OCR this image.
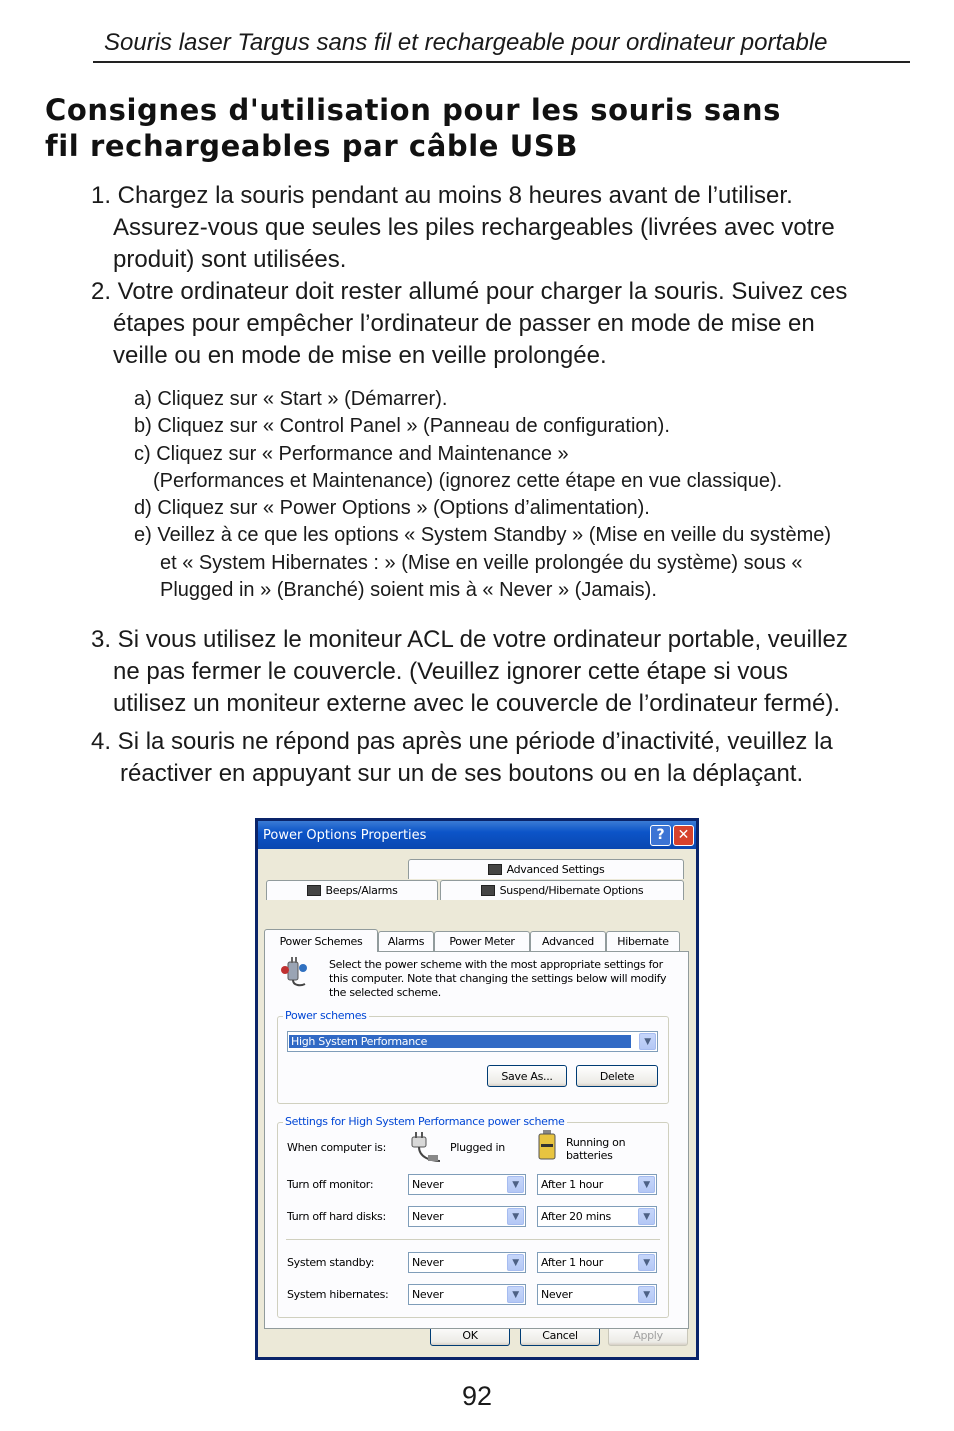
Souris laser Targus sans fil et rechargeable pour ordinateur portable
Consignes d'utilisation pour les souris sans
fil rechargeables par câble USB
1. Chargez la souris pendant au moins 8 heures avant de l’utiliser.
Assurez-vous que seules les piles rechargeables (livrées avec votre
produit) sont utilisées.
2. Votre ordinateur doit rester allumé pour charger la souris. Suivez ces
étapes pour empêcher l’ordinateur de passer en mode de mise en
veille ou en mode de mise en veille prolongée.
a) Cliquez sur « Start » (Démarrer).
b) Cliquez sur « Control Panel » (Panneau de configuration).
c) Cliquez sur « Performance and Maintenance »
(Performances et Maintenance) (ignorez cette étape en vue classique).
d) Cliquez sur « Power Options » (Options d’alimentation).
e) Veillez à ce que les options « System Standby » (Mise en veille du système)
et « System Hibernates : » (Mise en veille prolongée du système) sous «
Plugged in » (Branché) soient mis à « Never » (Jamais).
3. Si vous utilisez le moniteur ACL de votre ordinateur portable, veuillez
ne pas fermer le couvercle. (Veuillez ignorer cette étape si vous
utilisez un moniteur externe avec le couvercle de l’ordinateur fermé).
4. Si la souris ne répond pas après une période d’inactivité, veuillez la
réactiver en appuyant sur un de ses boutons ou en la déplaçant.
Power Options Properties	? ✕
Advanced Settings
Beeps/Alarms	Suspend/Hibernate Options
Power Schemes Alarms Power Meter Advanced Hibernate
Select the power scheme with the most appropriate settings for
this computer. Note that changing the settings below will modify
the selected scheme.
Power schemes
High System Performance	▼
Save As...	Delete
Settings for High System Performance power scheme
When computer is:	Plugged in	Running on
batteries
Turn off monitor:	Never	▼	After 1 hour	▼
Turn off hard disks: Never	▼	After 20 mins	▼
System standby:	Never	▼	After 1 hour	▼
System hibernates: Never	▼	Never	▼
OK	Cancel	Apply
92
